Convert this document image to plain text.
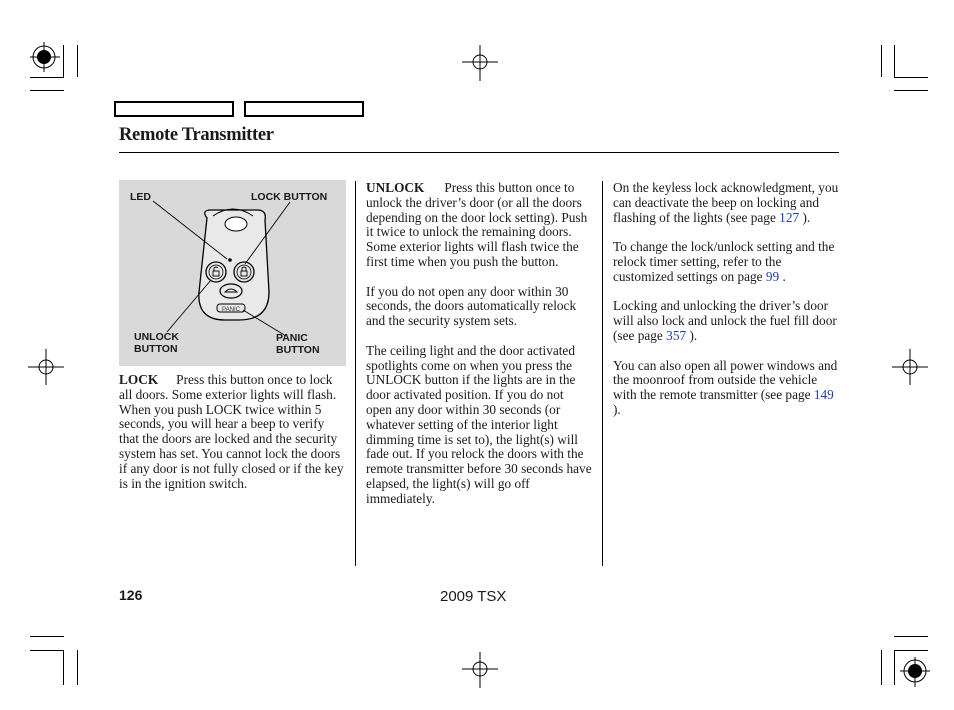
Remote Transmitter
PANIC
LED	LOCK BUTTON
UNLOCK
BUTTON
PANIC
BUTTON

LOCK Press this button once to lock all doors. Some exterior lights will flash. When you push LOCK twice within 5 seconds, you will hear a beep to verify that the doors are locked and the security system has set. You cannot lock the doors if any door is not fully closed or if the key is in the ignition switch.

UNLOCK Press this button once to unlock the driver’s door (or all the doors depending on the door lock setting). Push it twice to unlock the remaining doors. Some exterior lights will flash twice the first time when you push the button.

If you do not open any door within 30 seconds, the doors automatically relock and the security system sets.

The ceiling light and the door activated spotlights come on when you press the UNLOCK button if the lights are in the door activated position. If you do not open any door within 30 seconds (or whatever setting of the interior light dimming time is set to), the light(s) will fade out. If you relock the doors with the remote transmitter before 30 seconds have elapsed, the light(s) will go off immediately.

On the keyless lock acknowledgment, you can deactivate the beep on locking and flashing of the lights (see page 127 ).

To change the lock/unlock setting and the relock timer setting, refer to the customized settings on page 99 .

Locking and unlocking the driver’s door will also lock and unlock the fuel fill door (see page 357 ).

You can also open all power windows and the moonroof from outside the vehicle with the remote transmitter (see page 149 ).

126	2009 TSX
